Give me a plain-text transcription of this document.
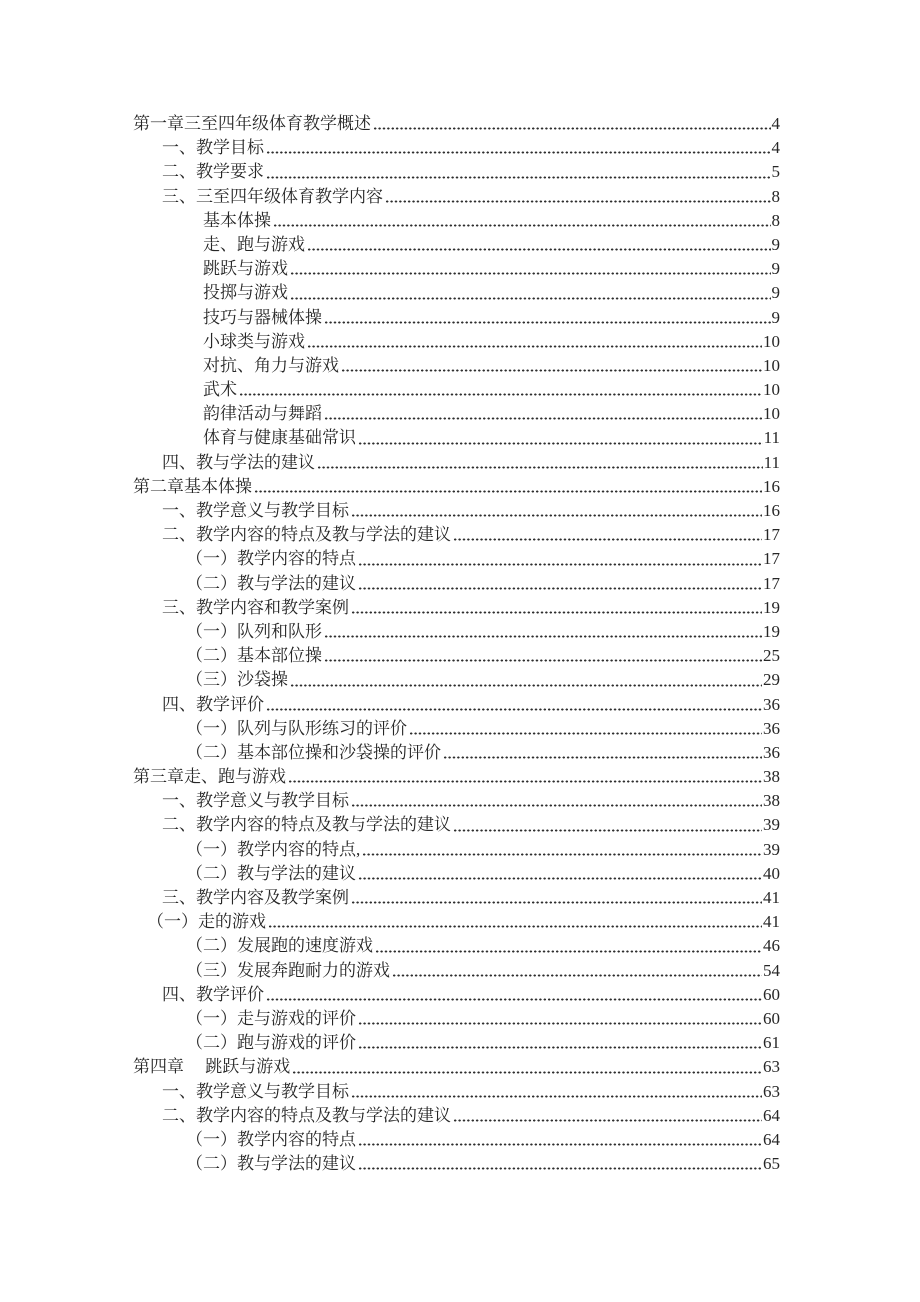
第一章三至四年级体育教学概述	4
一、教学目标	4
二、教学要求	5
三、三至四年级体育教学内容	8
基本体操	8
走、跑与游戏	9
跳跃与游戏	9
投掷与游戏	9
技巧与器械体操	9
小球类与游戏	10
对抗、角力与游戏	10
武术	10
韵律活动与舞蹈	10
体育与健康基础常识	11
四、教与学法的建议	11
第二章基本体操	16
一、教学意义与教学目标	16
二、教学内容的特点及教与学法的建议	17
（一）教学内容的特点	17
（二）教与学法的建议	17
三、教学内容和教学案例	19
（一）队列和队形	19
（二）基本部位操	25
（三）沙袋操	29
四、教学评价	36
（一）队列与队形练习的评价	36
（二）基本部位操和沙袋操的评价	36
第三章走、跑与游戏	38
一、教学意义与教学目标	38
二、教学内容的特点及教与学法的建议	39
（一）教学内容的特点,	39
（二）教与学法的建议	40
三、教学内容及教学案例	41
（一）走的游戏	41
（二）发展跑的速度游戏	46
（三）发展奔跑耐力的游戏	54
四、教学评价	60
（一）走与游戏的评价	60
（二）跑与游戏的评价	61
第四章　 跳跃与游戏	63
一、教学意义与教学目标	63
二、教学内容的特点及教与学法的建议	64
（一）教学内容的特点	64
（二）教与学法的建议	65
